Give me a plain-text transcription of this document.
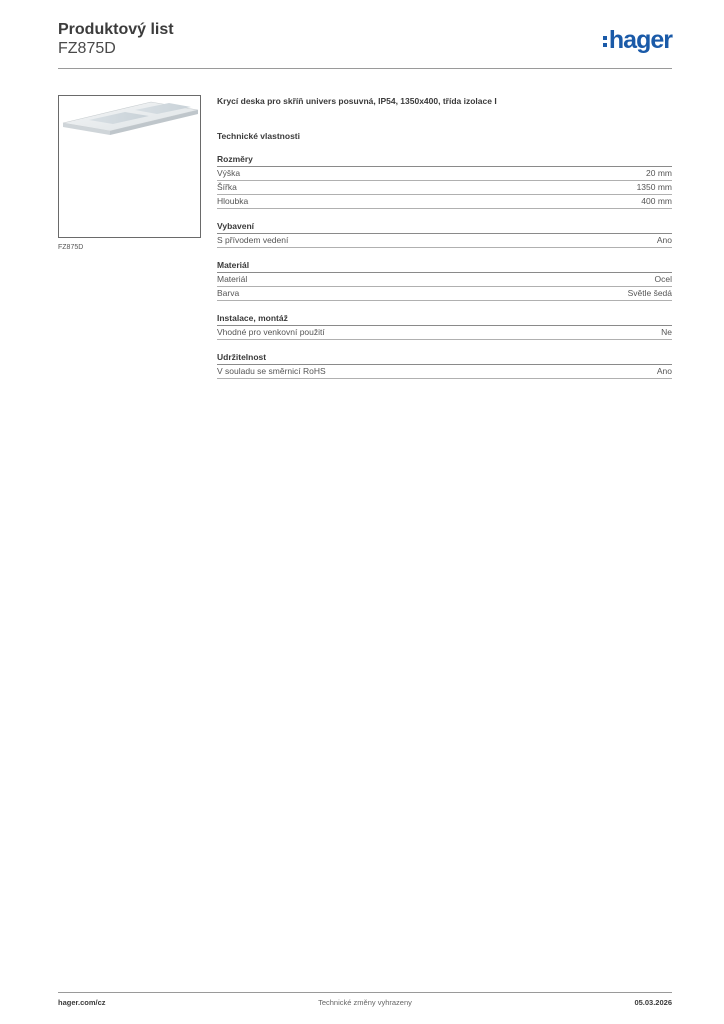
Produktový list
FZ875D	hager
FZ875D
Krycí deska pro skříň univers posuvná, IP54, 1350x400, třída izolace I
Technické vlastnosti
Rozměry
Výška	20 mm
Šířka	1350 mm
Hloubka	400 mm
Vybavení
S přívodem vedení	Ano
Materiál
Materiál	Ocel
Barva	Světle šedá
Instalace, montáž
Vhodné pro venkovní použití	Ne
Udržitelnost
V souladu se směrnicí RoHS	Ano
Technické změny vyhrazeny
hager.com/cz	05.03.2026
